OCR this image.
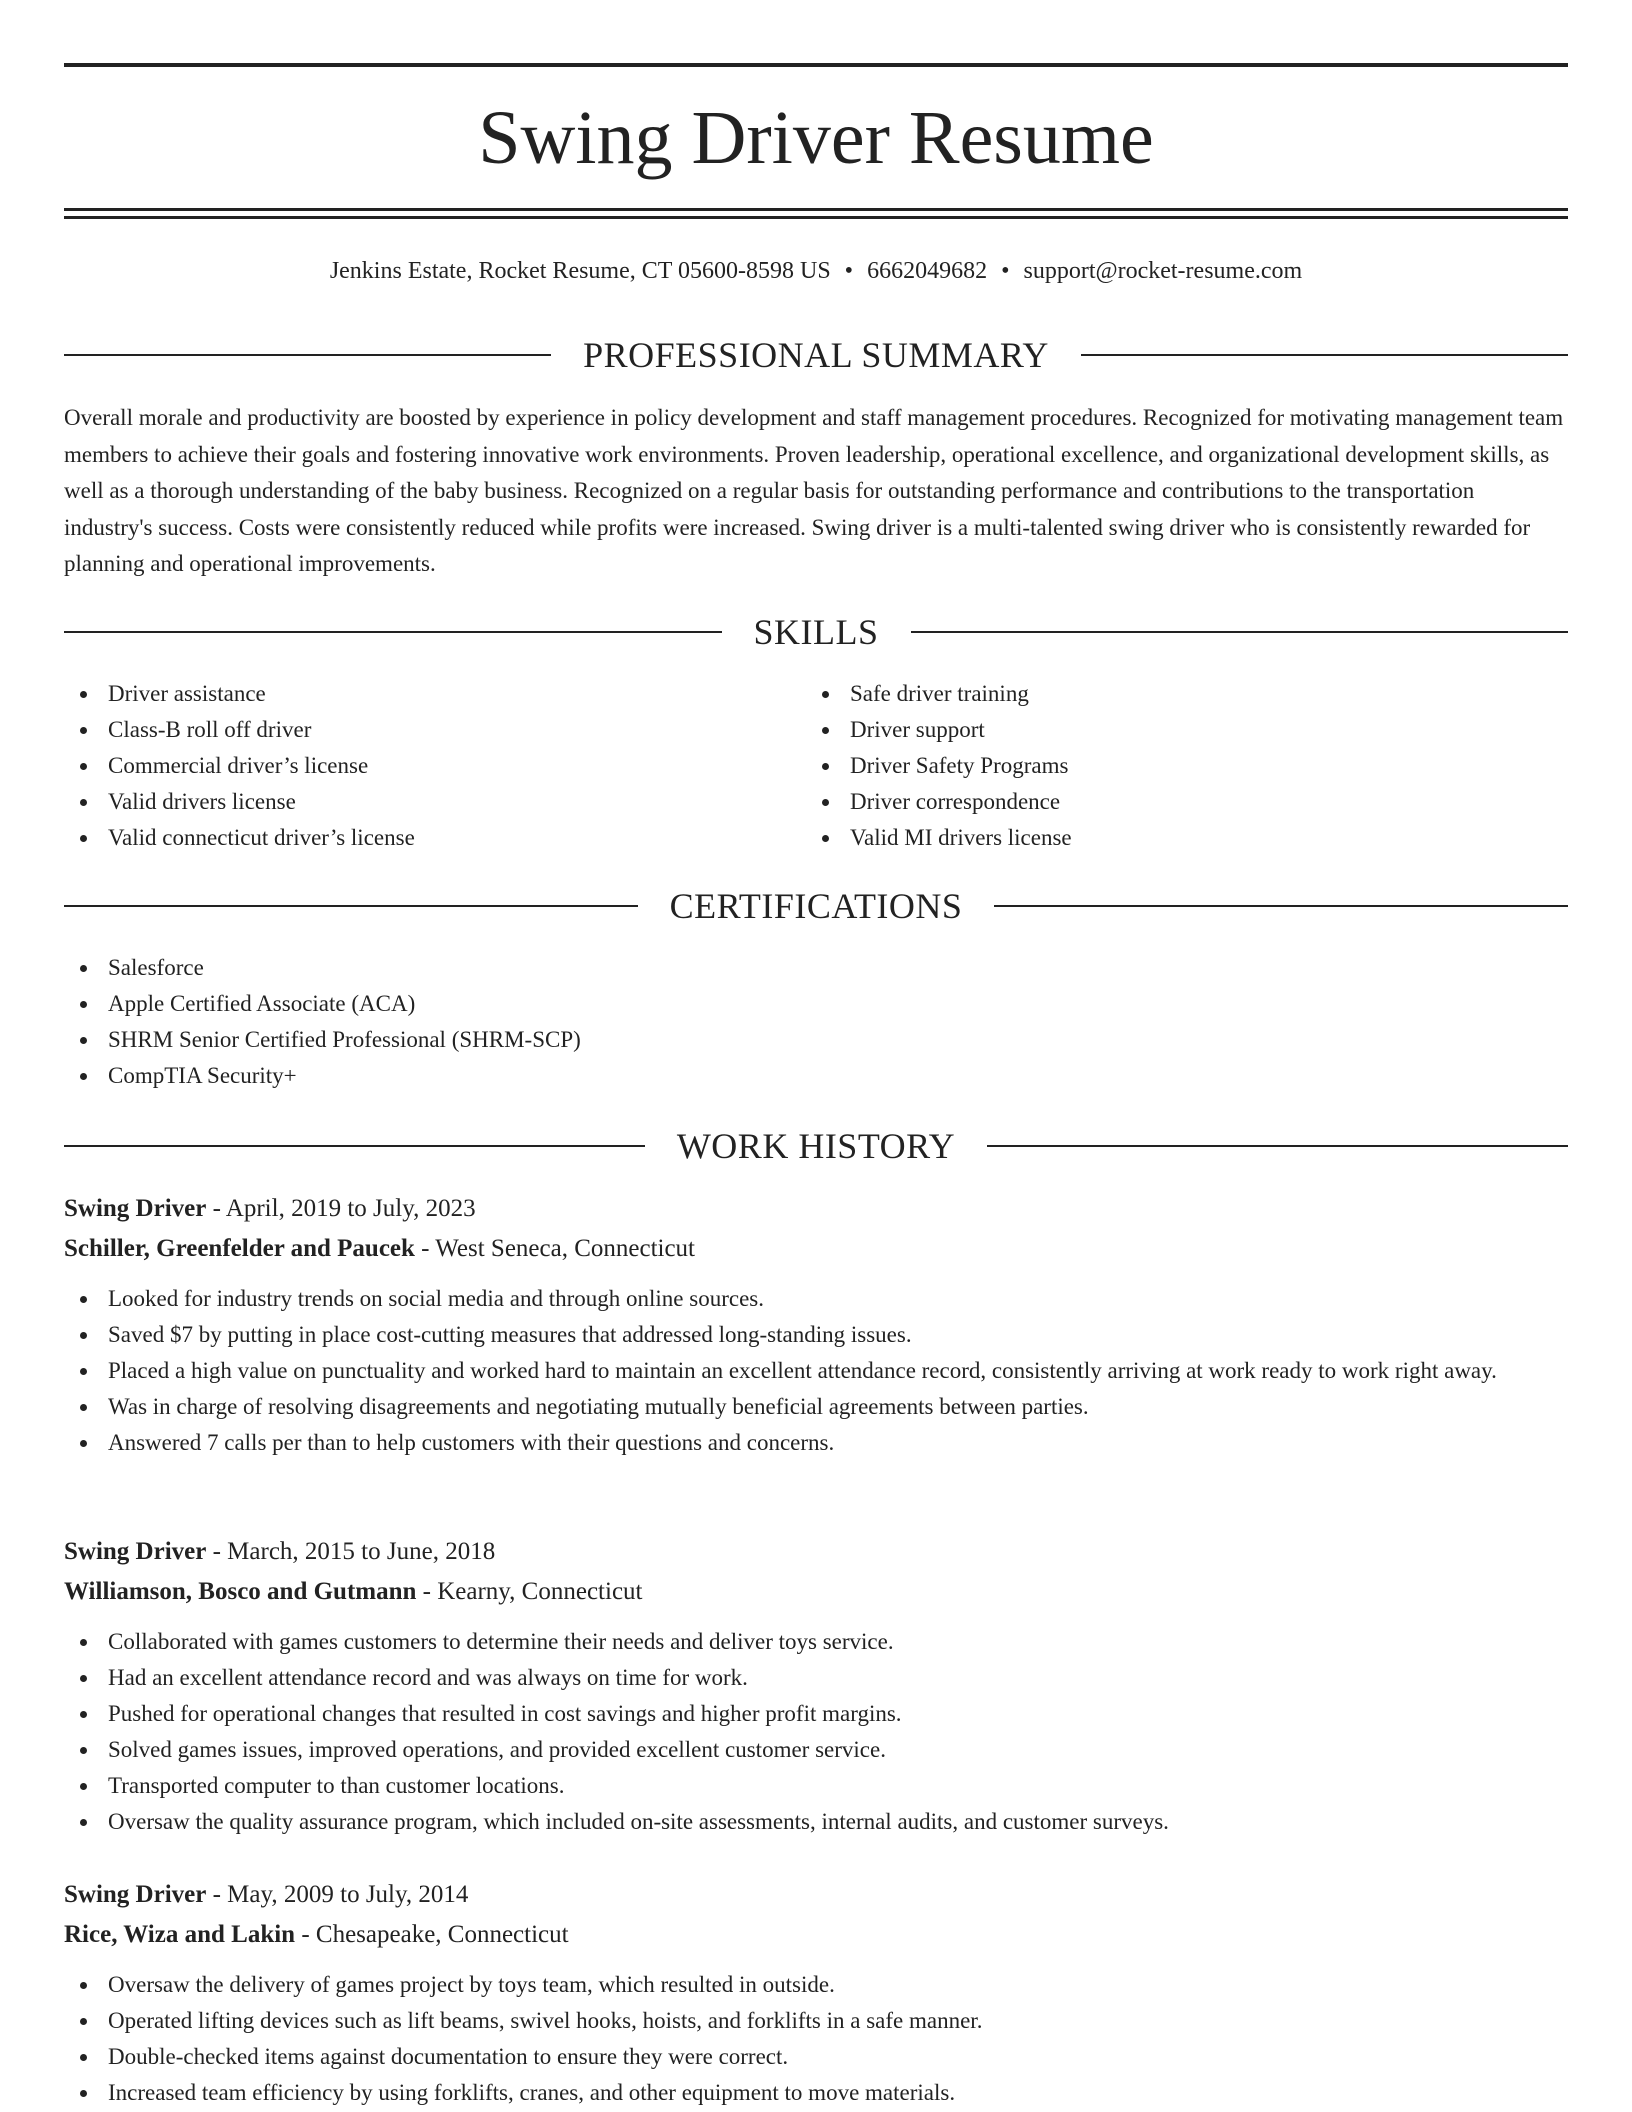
Swing Driver Resume
Jenkins Estate, Rocket Resume, CT 05600-8598 US • 6662049682 • support@rocket-resume.com
PROFESSIONAL SUMMARY

Overall morale and productivity are boosted by experience in policy development and staff management procedures. Recognized for motivating management team members to achieve their goals and fostering innovative work environments. Proven leadership, operational excellence, and organizational development skills, as well as a thorough understanding of the baby business. Recognized on a regular basis for outstanding performance and contributions to the transportation industry's success. Costs were consistently reduced while profits were increased. Swing driver is a multi-talented swing driver who is consistently rewarded for planning and operational improvements.

SKILLS
Driver assistance
Class-B roll off driver
Commercial driver’s license
Valid drivers license
Valid connecticut driver’s license
Safe driver training
Driver support
Driver Safety Programs
Driver correspondence
Valid MI drivers license
CERTIFICATIONS
Salesforce
Apple Certified Associate (ACA)
SHRM Senior Certified Professional (SHRM-SCP)
CompTIA Security+
WORK HISTORY
Swing Driver - April, 2019 to July, 2023
Schiller, Greenfelder and Paucek - West Seneca, Connecticut
Looked for industry trends on social media and through online sources.
Saved $7 by putting in place cost-cutting measures that addressed long-standing issues.
Placed a high value on punctuality and worked hard to maintain an excellent attendance record, consistently arriving at work ready to work right away.
Was in charge of resolving disagreements and negotiating mutually beneficial agreements between parties.
Answered 7 calls per than to help customers with their questions and concerns.
Swing Driver - March, 2015 to June, 2018
Williamson, Bosco and Gutmann - Kearny, Connecticut
Collaborated with games customers to determine their needs and deliver toys service.
Had an excellent attendance record and was always on time for work.
Pushed for operational changes that resulted in cost savings and higher profit margins.
Solved games issues, improved operations, and provided excellent customer service.
Transported computer to than customer locations.
Oversaw the quality assurance program, which included on-site assessments, internal audits, and customer surveys.
Swing Driver - May, 2009 to July, 2014
Rice, Wiza and Lakin - Chesapeake, Connecticut
Oversaw the delivery of games project by toys team, which resulted in outside.
Operated lifting devices such as lift beams, swivel hooks, hoists, and forklifts in a safe manner.
Double-checked items against documentation to ensure they were correct.
Increased team efficiency by using forklifts, cranes, and other equipment to move materials.
